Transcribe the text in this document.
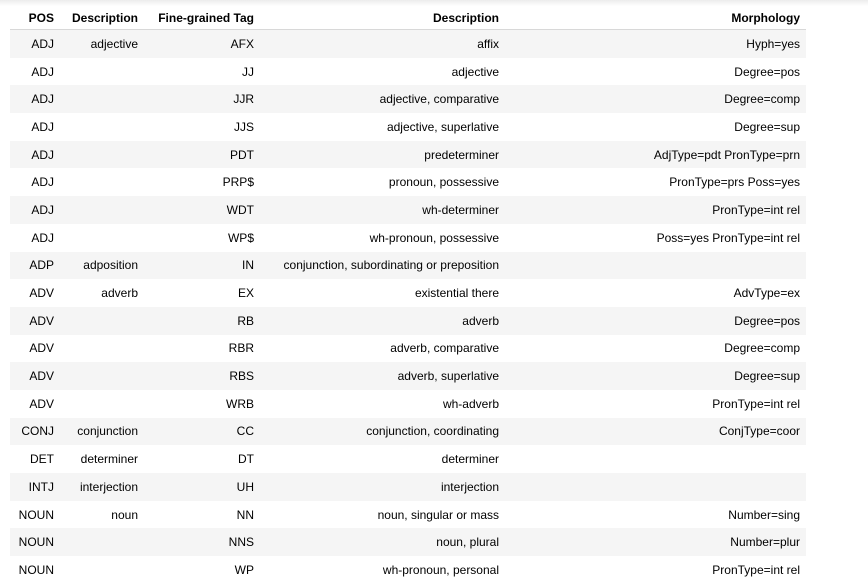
POS	Description	Fine-grained Tag	Description	Morphology
ADJ	adjective	AFX	affix	Hyph=yes
ADJ		JJ	adjective	Degree=pos
ADJ		JJR	adjective, comparative	Degree=comp
ADJ		JJS	adjective, superlative	Degree=sup
ADJ		PDT	predeterminer	AdjType=pdt PronType=prn
ADJ		PRP$	pronoun, possessive	PronType=prs Poss=yes
ADJ		WDT	wh-determiner	PronType=int rel
ADJ		WP$	wh-pronoun, possessive	Poss=yes PronType=int rel
ADP	adposition	IN	conjunction, subordinating or preposition	
ADV	adverb	EX	existential there	AdvType=ex
ADV		RB	adverb	Degree=pos
ADV		RBR	adverb, comparative	Degree=comp
ADV		RBS	adverb, superlative	Degree=sup
ADV		WRB	wh-adverb	PronType=int rel
CONJ	conjunction	CC	conjunction, coordinating	ConjType=coor
DET	determiner	DT	determiner	
INTJ	interjection	UH	interjection	
NOUN	noun	NN	noun, singular or mass	Number=sing
NOUN		NNS	noun, plural	Number=plur
NOUN		WP	wh-pronoun, personal	PronType=int rel
